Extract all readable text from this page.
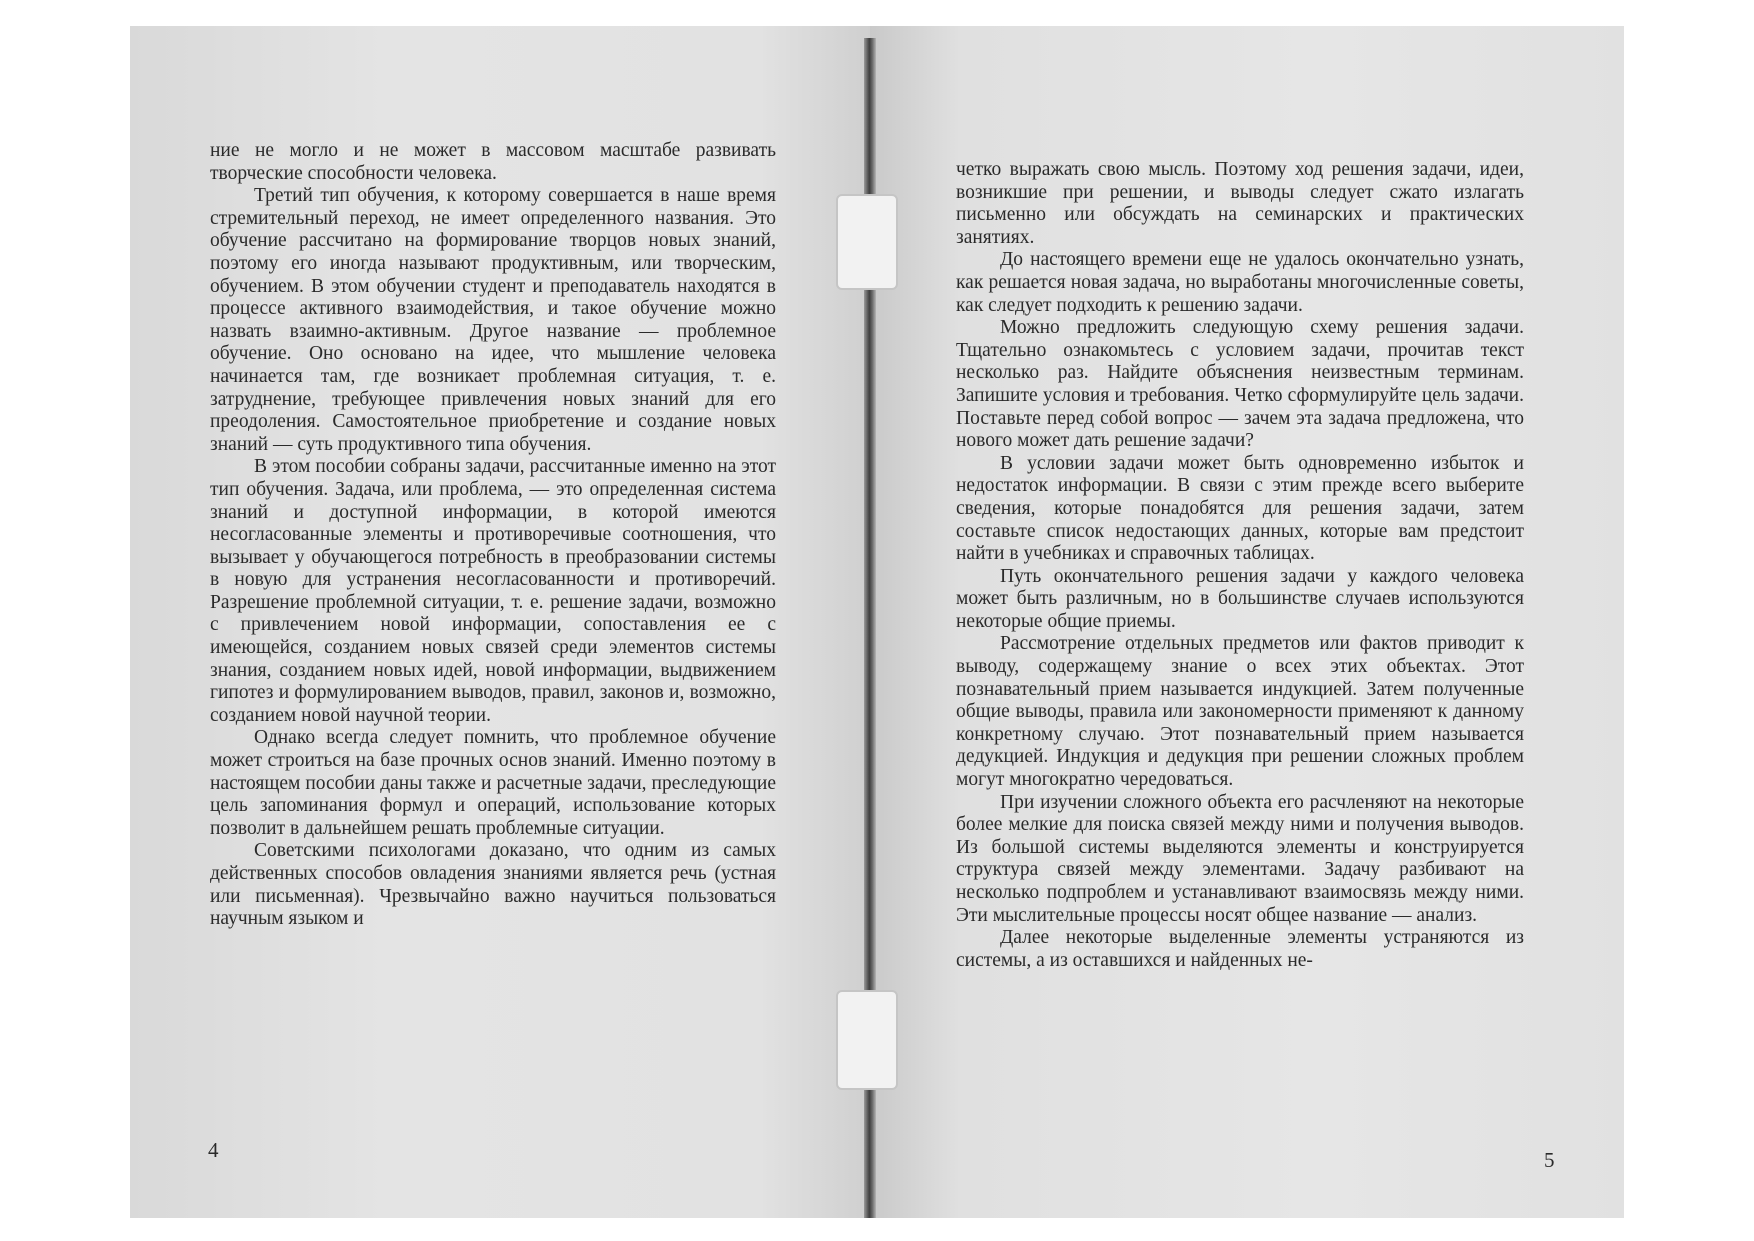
ние не могло и не может в массовом масштабе развивать творческие способности человека.

Третий тип обучения, к которому совершается в наше время стремительный переход, не имеет определенного названия. Это обучение рассчитано на формирование творцов новых знаний, поэтому его иногда называют продуктивным, или творческим, обучением. В этом обучении студент и преподаватель находятся в процессе активного взаимодействия, и такое обучение можно назвать взаимно-активным. Другое название — проблемное обучение. Оно основано на идее, что мышление человека начинается там, где возникает проблемная ситуация, т. е. затруднение, требующее привлечения новых знаний для его преодоления. Самостоятельное приобретение и создание новых знаний — суть продуктивного типа обучения.

В этом пособии собраны задачи, рассчитанные именно на этот тип обучения. Задача, или проблема, — это определенная система знаний и доступной информации, в которой имеются несогласованные элементы и противоречивые соотношения, что вызывает у обучающегося потребность в преобразовании системы в новую для устранения несогласованности и противоречий. Разрешение проблемной ситуации, т. е. решение задачи, возможно с привлечением новой информации, сопоставления ее с имеющейся, созданием новых связей среди элементов системы знания, созданием новых идей, новой информации, выдвижением гипотез и формулированием выводов, правил, законов и, возможно, созданием новой научной теории.

Однако всегда следует помнить, что проблемное обучение может строиться на базе прочных основ знаний. Именно поэтому в настоящем пособии даны также и расчетные задачи, преследующие цель запоминания формул и операций, использование которых позволит в дальнейшем решать проблемные ситуации.

Советскими психологами доказано, что одним из самых действенных способов овладения знаниями является речь (устная или письменная). Чрезвычайно важно научиться пользоваться научным языком и

4

четко выражать свою мысль. Поэтому ход решения задачи, идеи, возникшие при решении, и выводы следует сжато излагать письменно или обсуждать на семинарских и практических занятиях.

До настоящего времени еще не удалось окончательно узнать, как решается новая задача, но выработаны многочисленные советы, как следует подходить к решению задачи.

Можно предложить следующую схему решения задачи. Тщательно ознакомьтесь с условием задачи, прочитав текст несколько раз. Найдите объяснения неизвестным терминам. Запишите условия и требования. Четко сформулируйте цель задачи. Поставьте перед собой вопрос — зачем эта задача предложена, что нового может дать решение задачи?

В условии задачи может быть одновременно избыток и недостаток информации. В связи с этим прежде всего выберите сведения, которые понадобятся для решения задачи, затем составьте список недостающих данных, которые вам предстоит найти в учебниках и справочных таблицах.

Путь окончательного решения задачи у каждого человека может быть различным, но в большинстве случаев используются некоторые общие приемы.

Рассмотрение отдельных предметов или фактов приводит к выводу, содержащему знание о всех этих объектах. Этот познавательный прием называется индукцией. Затем полученные общие выводы, правила или закономерности применяют к данному конкретному случаю. Этот познавательный прием называется дедукцией. Индукция и дедукция при решении сложных проблем могут многократно чередоваться.

При изучении сложного объекта его расчленяют на некоторые более мелкие для поиска связей между ними и получения выводов. Из большой системы выделяются элементы и конструируется структура связей между элементами. Задачу разбивают на несколько подпроблем и устанавливают взаимосвязь между ними. Эти мыслительные процессы носят общее название — анализ.

Далее некоторые выделенные элементы устраняются из системы, а из оставшихся и найденных не-

5
